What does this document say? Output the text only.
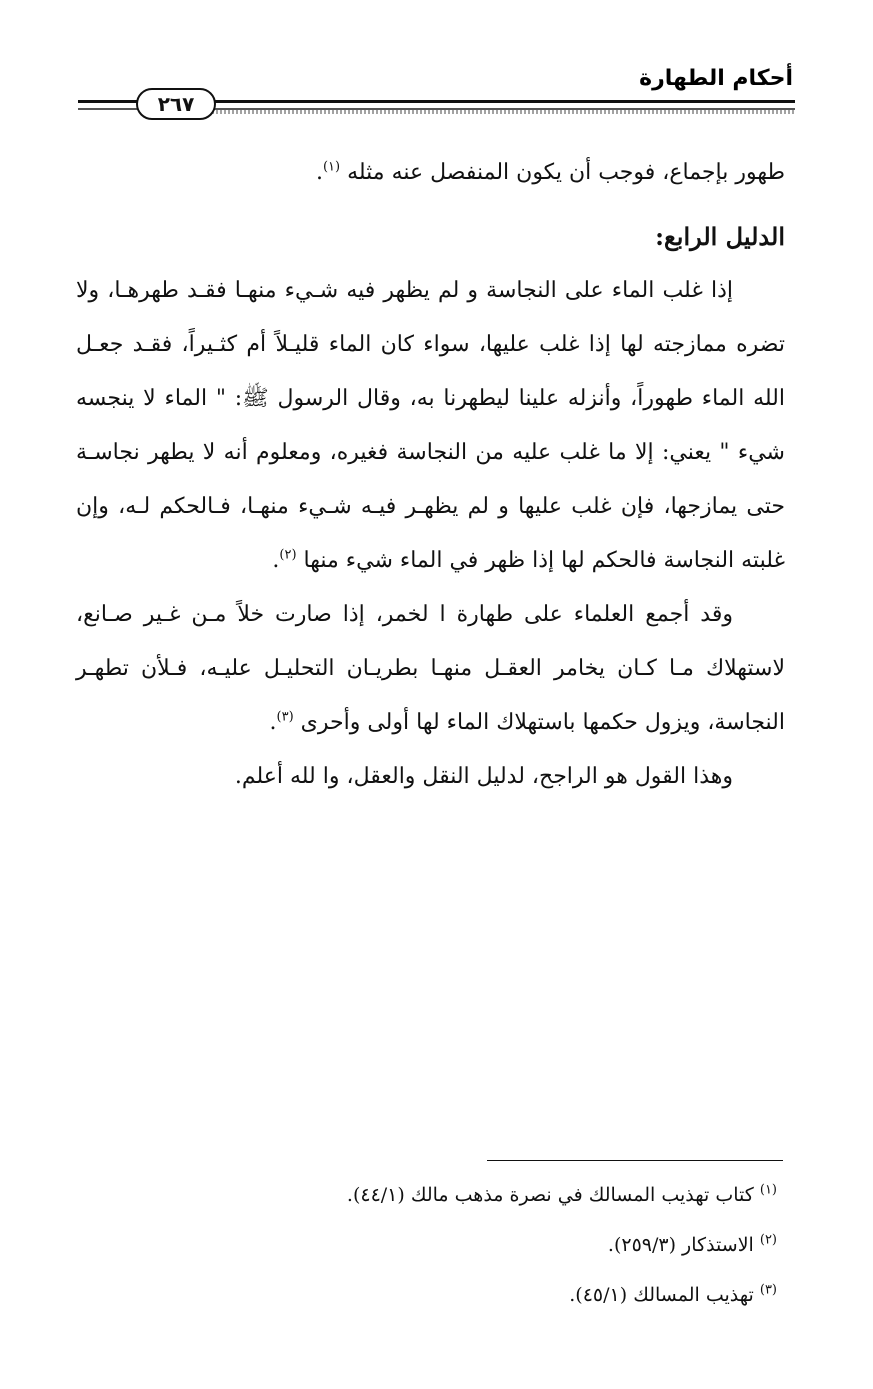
أحكام الطهارة
٢٦٧

طهور بإجماع، فوجب أن يكون المنفصل عنه مثله $^{(١)}$.

الدليل الرابع:

إذا غلب الماء على النجاسة و لم يظهر فيه شـيء منهـا فقـد طهرهـا، ولا تضره ممازجته لها إذا غلب عليها، سواء كان الماء قليـلاً أم كثـيراً، فقـد جعـل الله الماء طهوراً، وأنزله علينا ليطهرنا به، وقال الرسول ﷺ: " الماء لا ينجسه شيء " يعني: إلا ما غلب عليه من النجاسة فغيره، ومعلوم أنه لا يطهر نجاسـة حتى يمازجها، فإن غلب عليها و لم يظهـر فيـه شـيء منهـا، فـالحكم لـه، وإن غلبته النجاسة فالحكم لها إذا ظهر في الماء شيء منها $^{(٢)}$.

وقد أجمع العلماء على طهارة ا لخمر، إذا صارت خلاً مـن غـير صـانع، لاستهلاك مـا كـان يخامر العقـل منهـا بطريـان التحليـل عليـه، فـلأن تطهـر النجاسة، ويزول حكمها باستهلاك الماء لها أولى وأحرى $^{(٣)}$.

وهذا القول هو الراجح، لدليل النقل والعقل، وا لله أعلم.

$^{(١)}$ كتاب تهذيب المسالك في نصرة مذهب مالك (٤٤/١).

$^{(٢)}$ الاستذكار (٢٥٩/٣).

$^{(٣)}$ تهذيب المسالك (٤٥/١).
